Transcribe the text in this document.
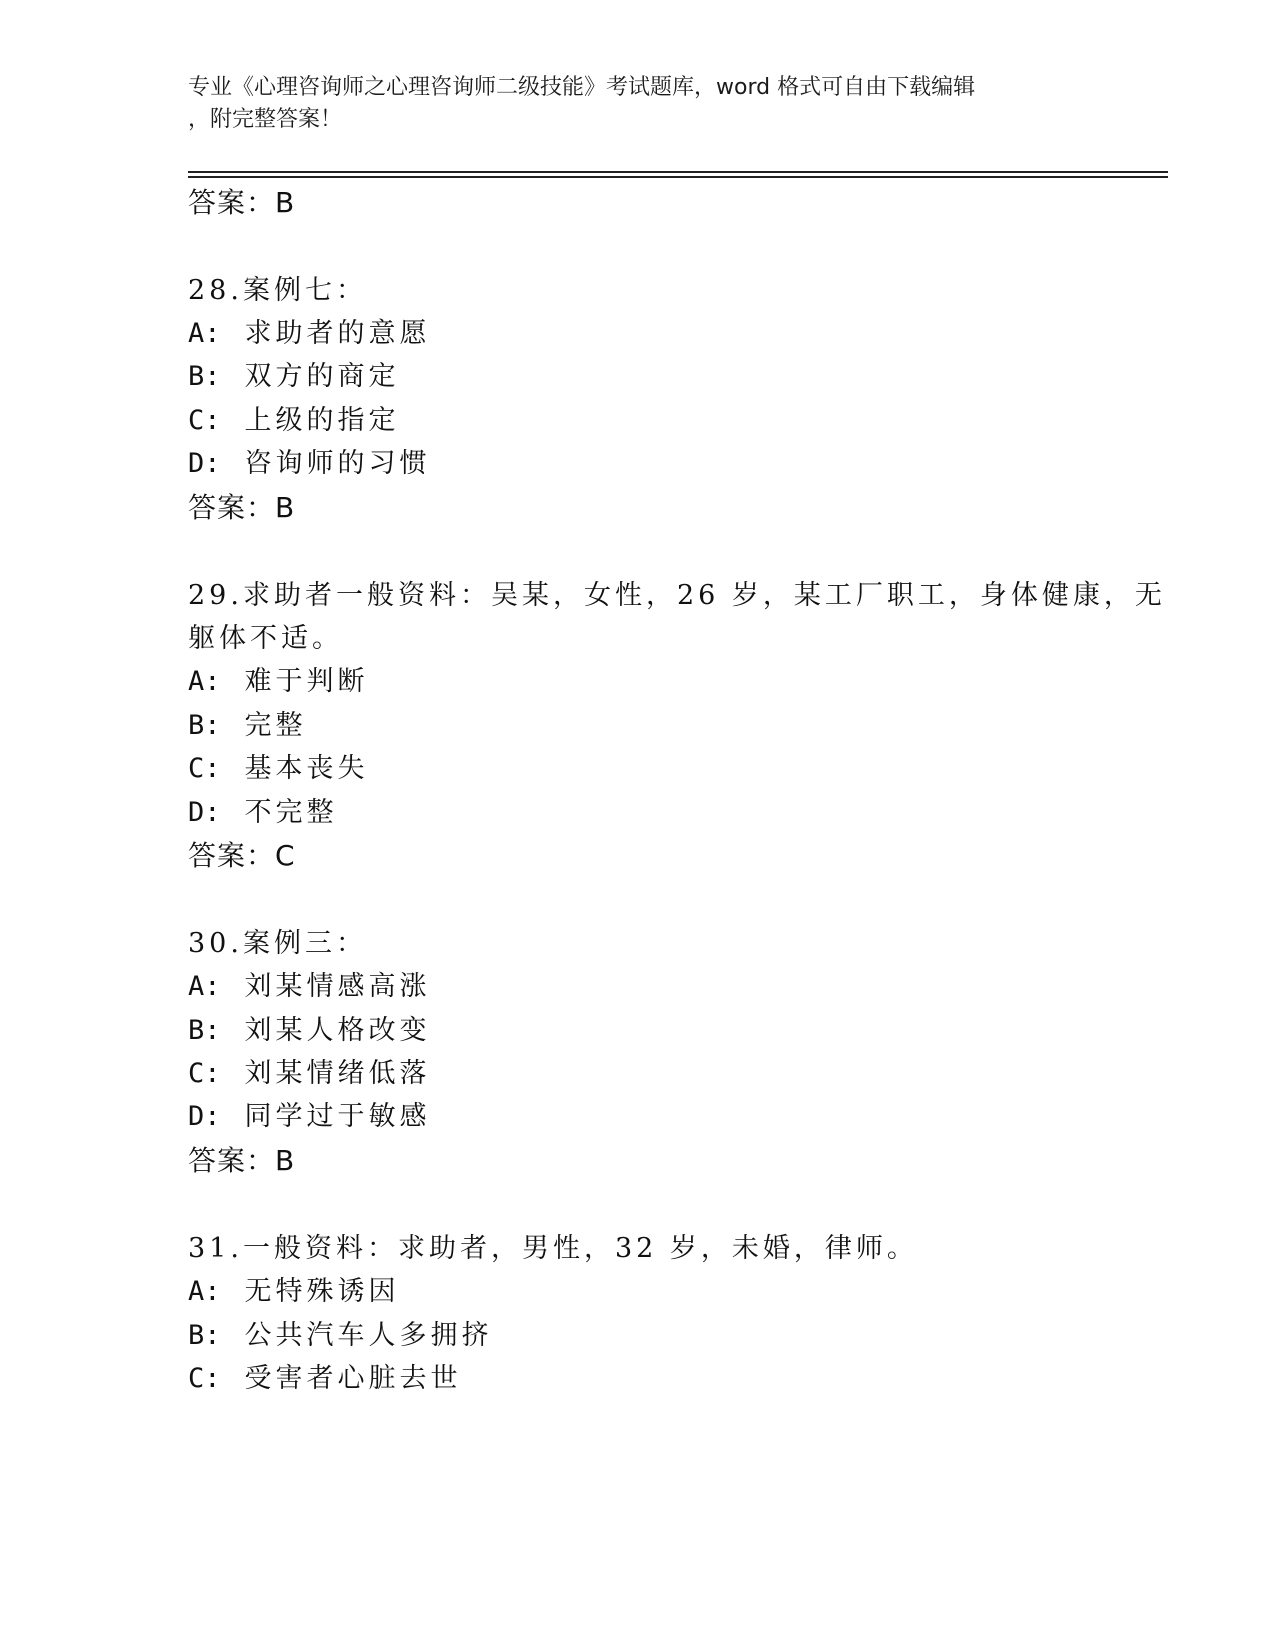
专业《心理咨询师之心理咨询师二级技能》考试题库，word 格式可自由下载编辑
，附完整答案！
答案：B
28.案例七：
A: 求助者的意愿
B: 双方的商定
C: 上级的指定
D: 咨询师的习惯
答案：B
29.求助者一般资料：吴某，女性，26 岁，某工厂职工，身体健康，无
躯体不适。
A: 难于判断
B: 完整
C: 基本丧失
D: 不完整
答案：C
30.案例三：
A: 刘某情感高涨
B: 刘某人格改变
C: 刘某情绪低落
D: 同学过于敏感
答案：B
31.一般资料：求助者，男性，32 岁，未婚，律师。
A: 无特殊诱因
B: 公共汽车人多拥挤
C: 受害者心脏去世
